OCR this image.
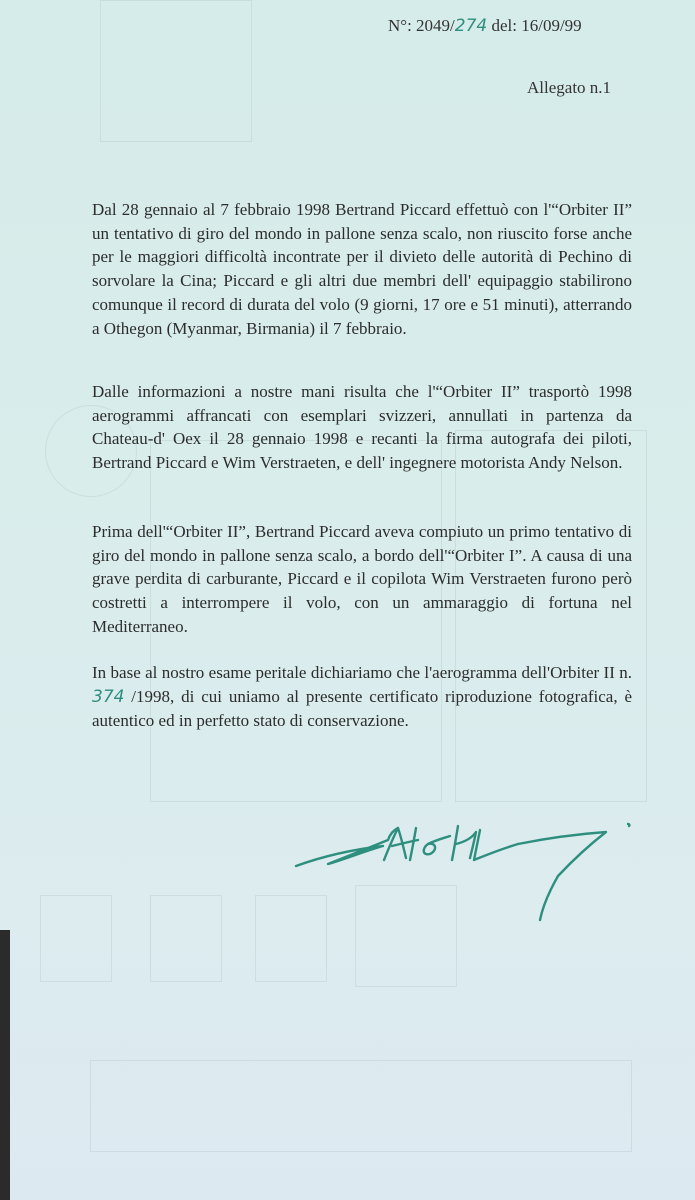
N°: 2049/274 del: 16/09/99
Allegato n.1
Dal 28 gennaio al 7 febbraio 1998 Bertrand Piccard effettuò con l'“Orbiter II” un tentativo di giro del mondo in pallone senza scalo, non riuscito forse anche per le maggiori difficoltà incontrate per il divieto delle autorità di Pechino di sorvolare la Cina; Piccard e gli altri due membri dell' equipaggio stabilirono comunque il record di durata del volo (9 giorni, 17 ore e 51 minuti), atterrando a Othegon (Myanmar, Birmania) il 7 febbraio.
Dalle informazioni a nostre mani risulta che l'“Orbiter II” trasportò 1998 aerogrammi affrancati con esemplari svizzeri, annullati in partenza da Chateau-d' Oex il 28 gennaio 1998 e recanti la firma autografa dei piloti, Bertrand Piccard e Wim Verstraeten, e dell' ingegnere motorista Andy Nelson.
Prima dell'“Orbiter II”, Bertrand Piccard aveva compiuto un primo tentativo di giro del mondo in pallone senza scalo, a bordo dell'“Orbiter I”. A causa di una grave perdita di carburante, Piccard e il copilota Wim Verstraeten furono però costretti a interrompere il volo, con un ammaraggio di fortuna nel Mediterraneo.
In base al nostro esame peritale dichiariamo che l'aerogramma dell'Orbiter II n. 374 /1998, di cui uniamo al presente certificato riproduzione fotografica, è autentico ed in perfetto stato di conservazione.
